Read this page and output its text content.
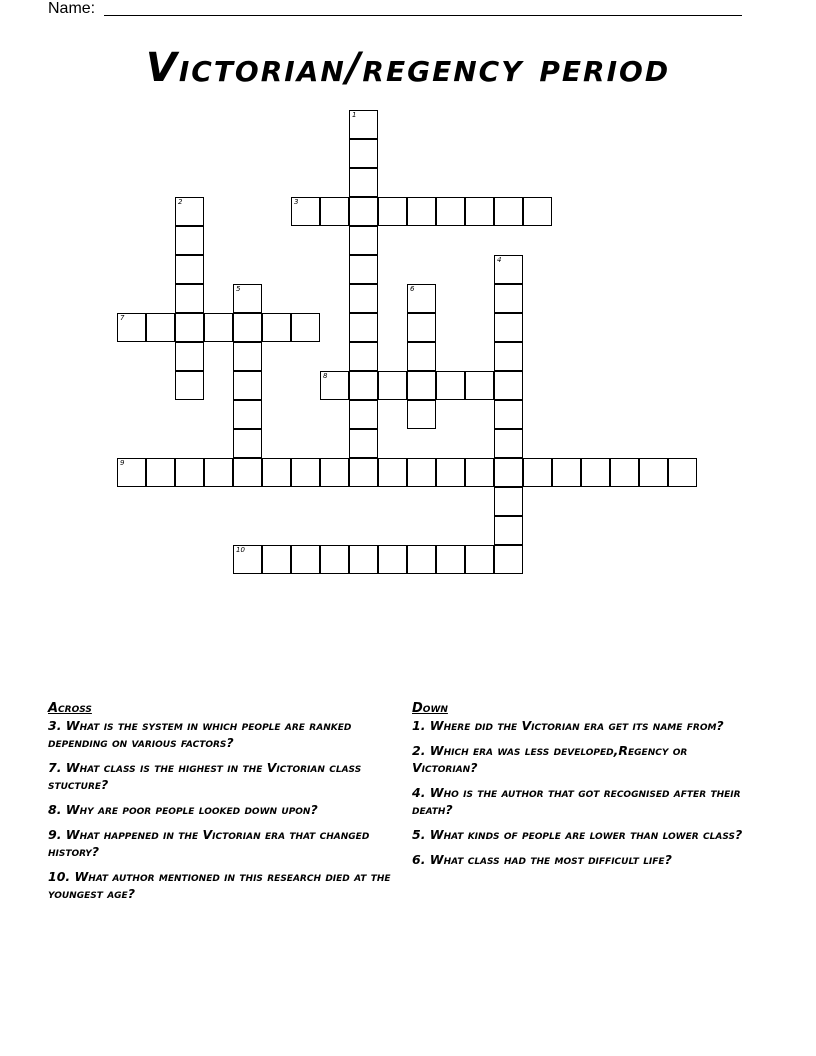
Name:
Victorian/regency period
1
2	3
4
5	6
7
8
9
10
Across
3. What is the system in which people are ranked depending on various factors?
7. What class is the highest in the Victorian class stucture?
8. Why are poor people looked down upon?
9. What happened in the Victorian era that changed history?
10. What author mentioned in this research died at the youngest age?
Down
1. Where did the Victorian era get its name from?
2. Which era was less developed,Regency or Victorian?
4. Who is the author that got recognised after their death?
5. What kinds of people are lower than lower class?
6. What class had the most difficult life?
